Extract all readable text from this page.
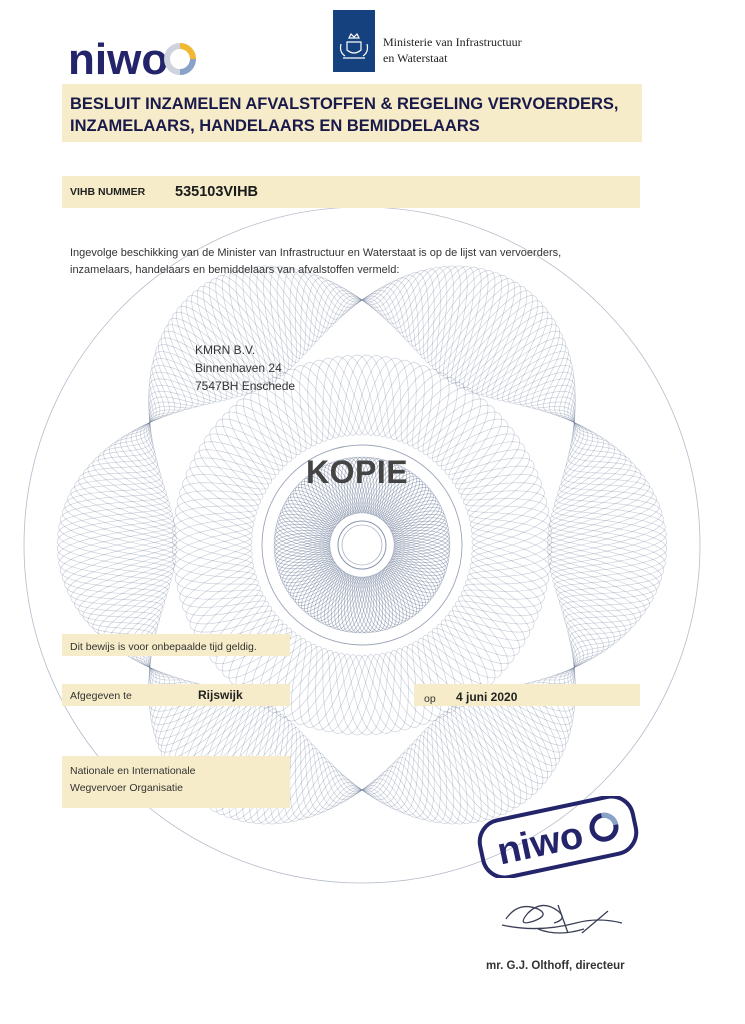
niwo	Ministerie van Infrastructuur
en Waterstaat
BESLUIT INZAMELEN AFVALSTOFFEN & REGELING VERVOERDERS,
INZAMELAARS, HANDELAARS EN BEMIDDELAARS
VIHB NUMMER 535103VIHB
Ingevolge beschikking van de Minister van Infrastructuur en Waterstaat is op de lijst van vervoerders,
inzamelaars, handelaars en bemiddelaars van afvalstoffen vermeld:
KMRN B.V.
Binnenhaven 24
7547BH Enschede
KOPIE
Dit bewijs is voor onbepaalde tijd geldig.
Afgegeven te	Rijswijk	op 4 juni 2020
Nationale en Internationale
Wegvervoer Organisatie
niwo
mr. G.J. Olthoff, directeur
